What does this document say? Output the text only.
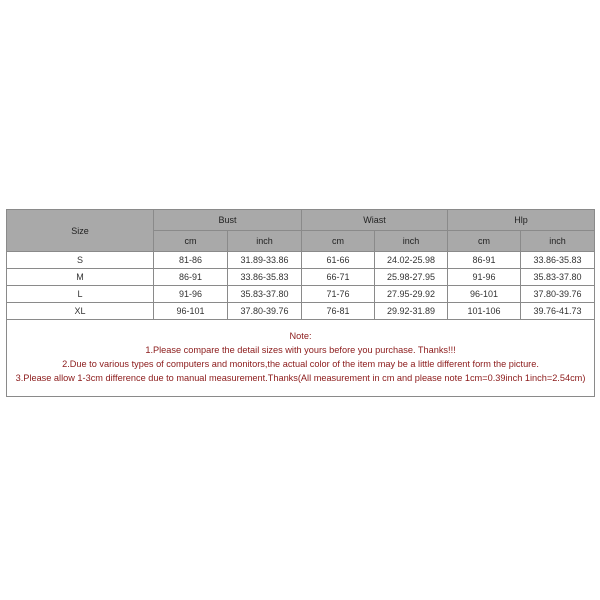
Size	Bust		Wiast		Hlp	
	cm	inch	cm	inch	cm	inch
S	81-86	31.89-33.86	61-66	24.02-25.98	86-91	33.86-35.83
M	86-91	33.86-35.83	66-71	25.98-27.95	91-96	35.83-37.80
L	91-96	35.83-37.80	71-76	27.95-29.92	96-101	37.80-39.76
XL	96-101	37.80-39.76	76-81	29.92-31.89	101-106	39.76-41.73

Note:
1.Please compare the detail sizes with yours before you purchase. Thanks!!!
2.Due to various types of computers and monitors,the actual color of the item may be a little different form the picture.
3.Please allow 1-3cm difference due to manual measurement.Thanks(All measurement in cm and please note 1cm=0.39inch 1inch=2.54cm)						
